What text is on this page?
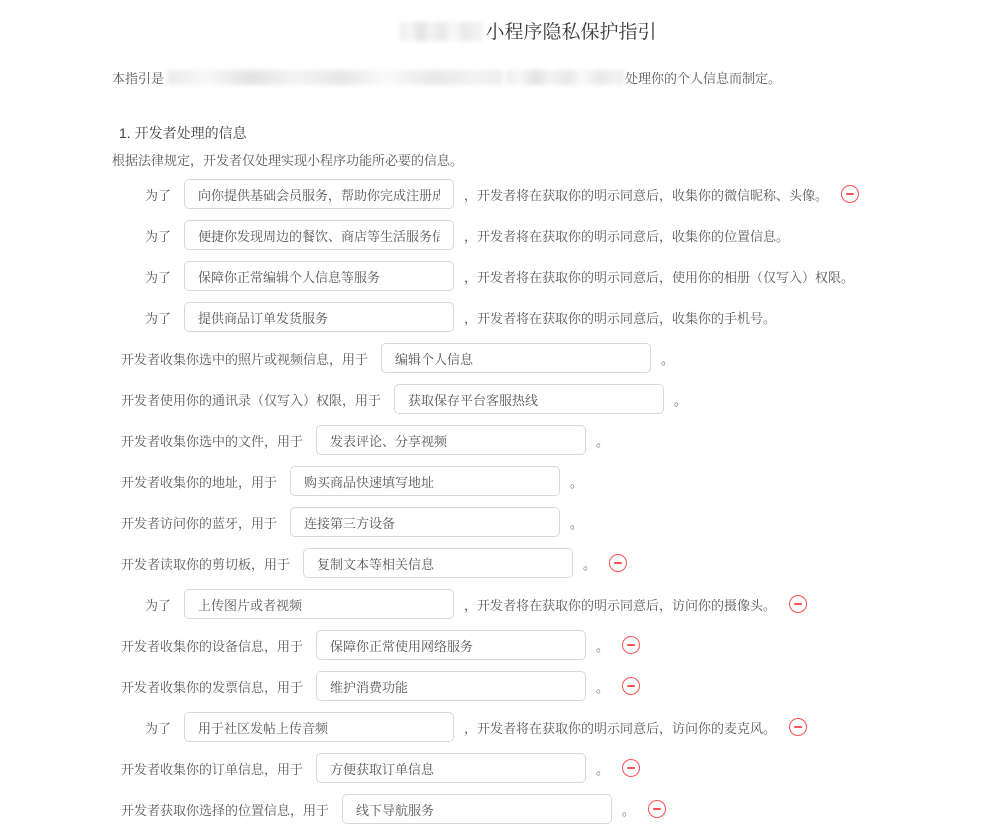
小程序隐私保护指引

本指引是	处理你的个人信息而制定。

1. 开发者处理的信息

根据法律规定，开发者仅处理实现小程序功能所必要的信息。

为了
向你提供基础会员服务，帮助你完成注册成	，开发者将在获取你的明示同意后，收集你的微信昵称、头像。
为了
便捷你发现周边的餐饮、商店等生活服务信	，开发者将在获取你的明示同意后，收集你的位置信息。
为了
保障你正常编辑个人信息等服务	，开发者将在获取你的明示同意后，使用你的相册（仅写入）权限。
为了
提供商品订单发货服务	，开发者将在获取你的明示同意后，收集你的手机号。
开发者收集你选中的照片或视频信息，用于
编辑个人信息	。
开发者使用你的通讯录（仅写入）权限，用于
获取保存平台客服热线	。
开发者收集你选中的文件，用于
发表评论、分享视频	。
开发者收集你的地址，用于
购买商品快速填写地址	。
开发者访问你的蓝牙，用于
连接第三方设备	。
开发者读取你的剪切板，用于
复制文本等相关信息	。
为了
上传图片或者视频	，开发者将在获取你的明示同意后，访问你的摄像头。
开发者收集你的设备信息，用于
保障你正常使用网络服务	。
开发者收集你的发票信息，用于
维护消费功能	。
为了
用于社区发帖上传音频	，开发者将在获取你的明示同意后，访问你的麦克风。
开发者收集你的订单信息，用于
方便获取订单信息	。
开发者获取你选择的位置信息，用于
线下导航服务	。
